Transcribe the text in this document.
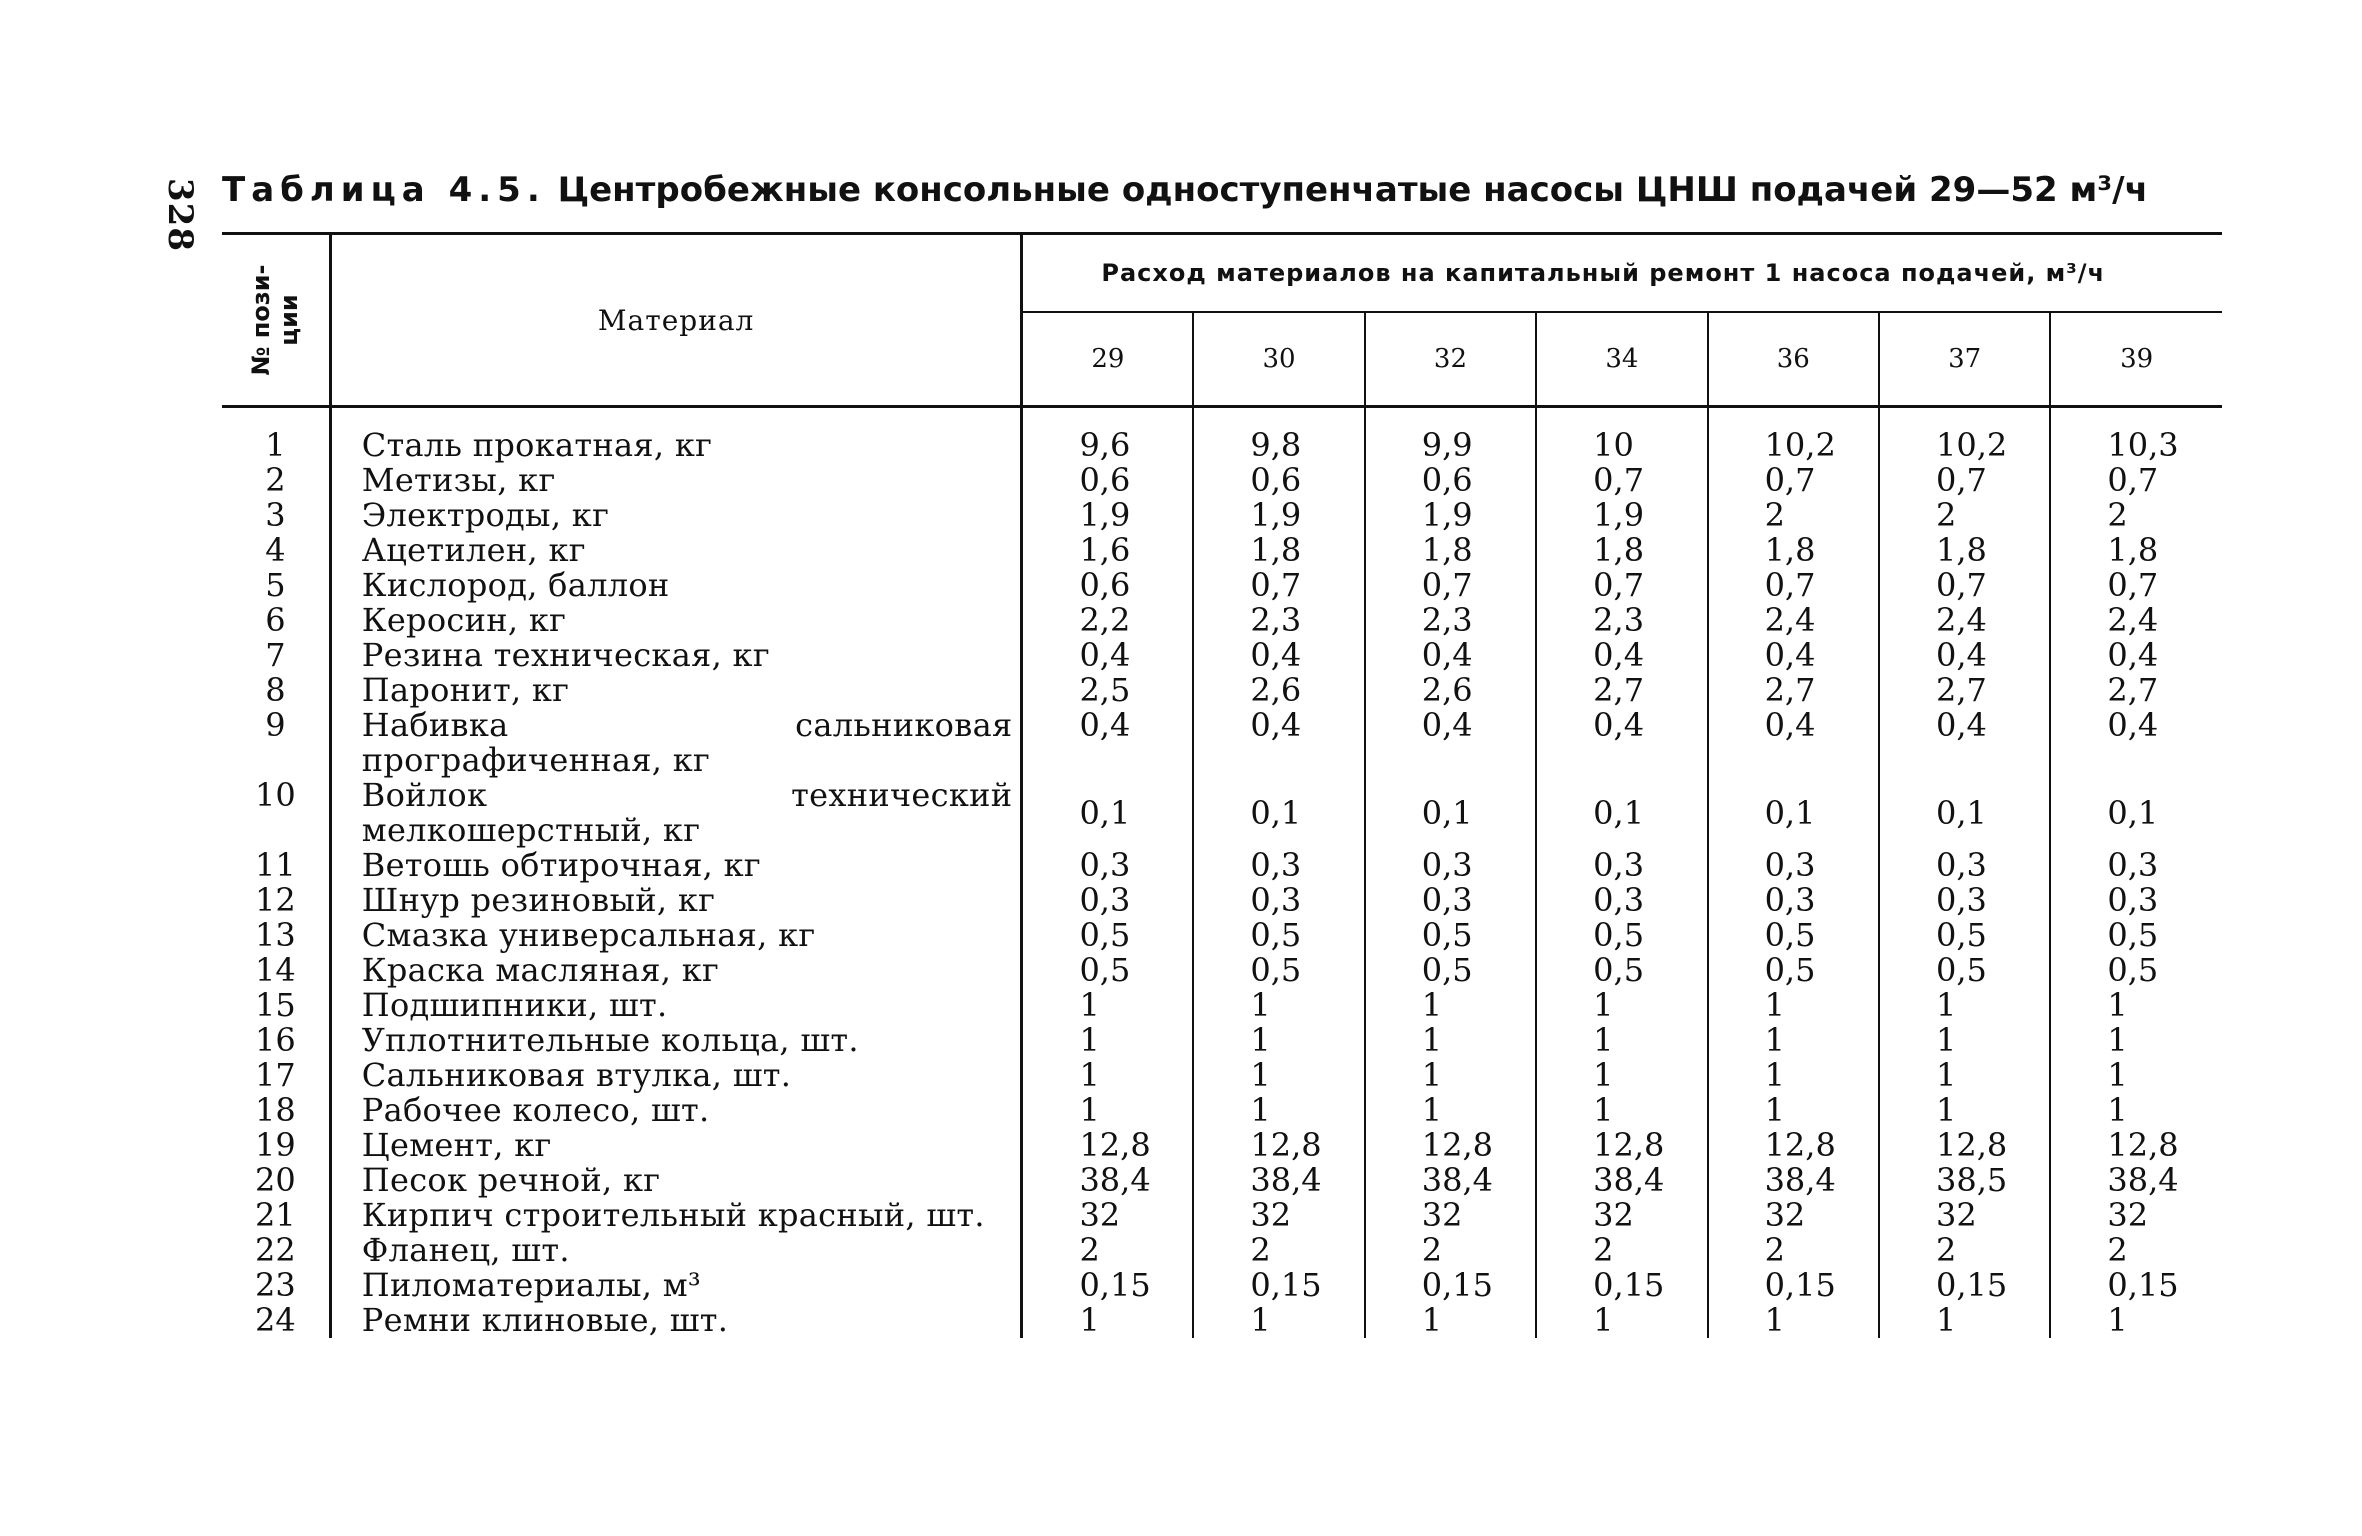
328 Таблица 4.5. Центробежные консольные одноступенчатые насосы ЦНШ подачей 29—52 м³/ч
№ пози-
ции	Материал	Расход материалов на капитальный ремонт 1 насоса подачей, м³/ч						
		29	30	32	34	36	37	39

1	Сталь прокатная, кг	9,6	9,8	9,9	10	10,2	10,2	10,3
2	Метизы, кг	0,6	0,6	0,6	0,7	0,7	0,7	0,7
3	Электроды, кг	1,9	1,9	1,9	1,9	2	2	2
4	Ацетилен, кг	1,6	1,8	1,8	1,8	1,8	1,8	1,8
5	Кислород, баллон	0,6	0,7	0,7	0,7	0,7	0,7	0,7
6	Керосин, кг	2,2	2,3	2,3	2,3	2,4	2,4	2,4
7	Резина техническая, кг	0,4	0,4	0,4	0,4	0,4	0,4	0,4
8	Паронит, кг	2,5	2,6	2,6	2,7	2,7	2,7	2,7
9	Набивка сальниковая прографиченная, кг	0,4	0,4	0,4	0,4	0,4	0,4	0,4
10	Войлок технический мелкошерстный, кг	0,1	0,1	0,1	0,1	0,1	0,1	0,1
11	Ветошь обтирочная, кг	0,3	0,3	0,3	0,3	0,3	0,3	0,3
12	Шнур резиновый, кг	0,3	0,3	0,3	0,3	0,3	0,3	0,3
13	Смазка универсальная, кг	0,5	0,5	0,5	0,5	0,5	0,5	0,5
14	Краска масляная, кг	0,5	0,5	0,5	0,5	0,5	0,5	0,5
15	Подшипники, шт.	1	1	1	1	1	1	1
16	Уплотнительные кольца, шт.	1	1	1	1	1	1	1
17	Сальниковая втулка, шт.	1	1	1	1	1	1	1
18	Рабочее колесо, шт.	1	1	1	1	1	1	1
19	Цемент, кг	12,8	12,8	12,8	12,8	12,8	12,8	12,8
20	Песок речной, кг	38,4	38,4	38,4	38,4	38,4	38,5	38,4
21	Кирпич строительный красный, шт.	32	32	32	32	32	32	32
22	Фланец, шт.	2	2	2	2	2	2	2
23	Пиломатериалы, м³	0,15	0,15	0,15	0,15	0,15	0,15	0,15
24	Ремни клиновые, шт.	1	1	1	1	1	1	1
